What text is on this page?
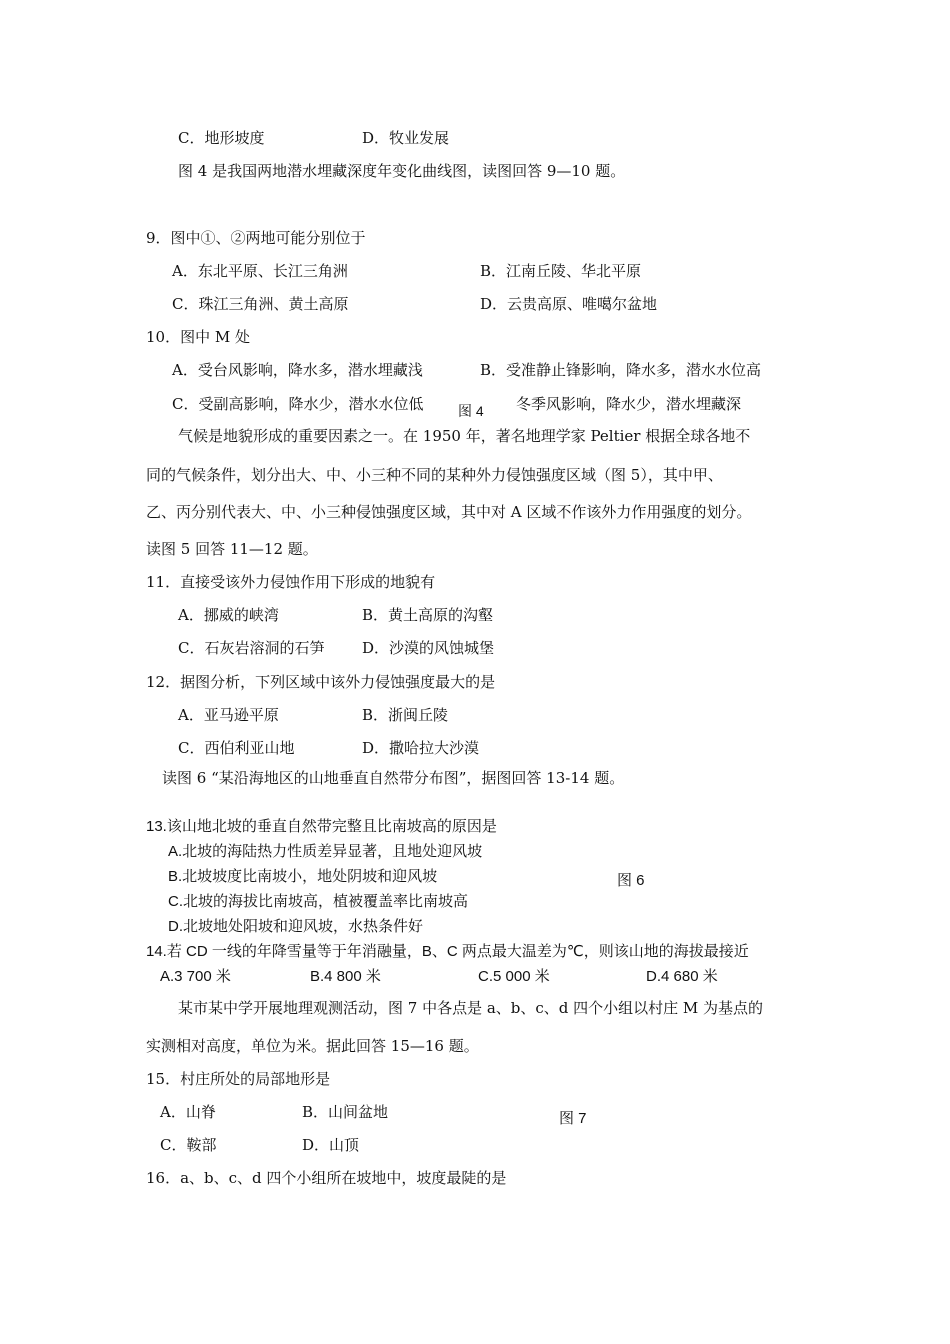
C．地形坡度	D．牧业发展
图 4 是我国两地潜水埋藏深度年变化曲线图，读图回答 9—10 题。
9．图中①、②两地可能分别位于
A．东北平原、长江三角洲	B．江南丘陵、华北平原
C．珠江三角洲、黄土高原	D．云贵高原、唯噶尔盆地
10．图中 M 处
A．受台风影响，降水多，潜水埋藏浅	B．受准静止锋影响，降水多，潜水水位高
C．受副高影响，降水少，潜水水位低	冬季风影响，降水少，潜水埋藏深
气候是地貌形成的重要因素之一。在 1950 年，著名地理学家 Peltier 根据全球各地不
图 4
同的气候条件，划分出大、中、小三种不同的某种外力侵蚀强度区域（图 5），其中甲、
乙、丙分别代表大、中、小三种侵蚀强度区域，其中对 A 区域不作该外力作用强度的划分。
读图 5 回答 11—12 题。
11．直接受该外力侵蚀作用下形成的地貌有
A．挪威的峡湾	B．黄土高原的沟壑
C．石灰岩溶洞的石笋	D．沙漠的风蚀城堡
12．据图分析，下列区域中该外力侵蚀强度最大的是
A．亚马逊平原	B．浙闽丘陵
C．西伯利亚山地	D．撒哈拉大沙漠
读图 6 “某沿海地区的山地垂直自然带分布图”，据图回答 13-14 题。
13.该山地北坡的垂直自然带完整且比南坡高的原因是
A.北坡的海陆热力性质差异显著，且地处迎风坡
B.北坡坡度比南坡小，地处阴坡和迎风坡	图 6
C.北坡的海拔比南坡高，植被覆盖率比南坡高
D.北坡地处阳坡和迎风坡，水热条件好
14.若 CD 一线的年降雪量等于年消融量，B、C 两点最大温差为℃，则该山地的海拔最接近
A.3 700 米	B.4 800 米	C.5 000 米	D.4 680 米
某市某中学开展地理观测活动，图 7 中各点是 a、b、c、d 四个小组以村庄 M 为基点的
实测相对高度，单位为米。据此回答 15—16 题。
15．村庄所处的局部地形是
A．山脊	B．山间盆地	图 7
C．鞍部	D．山顶
16．a、b、c、d 四个小组所在坡地中，坡度最陡的是
